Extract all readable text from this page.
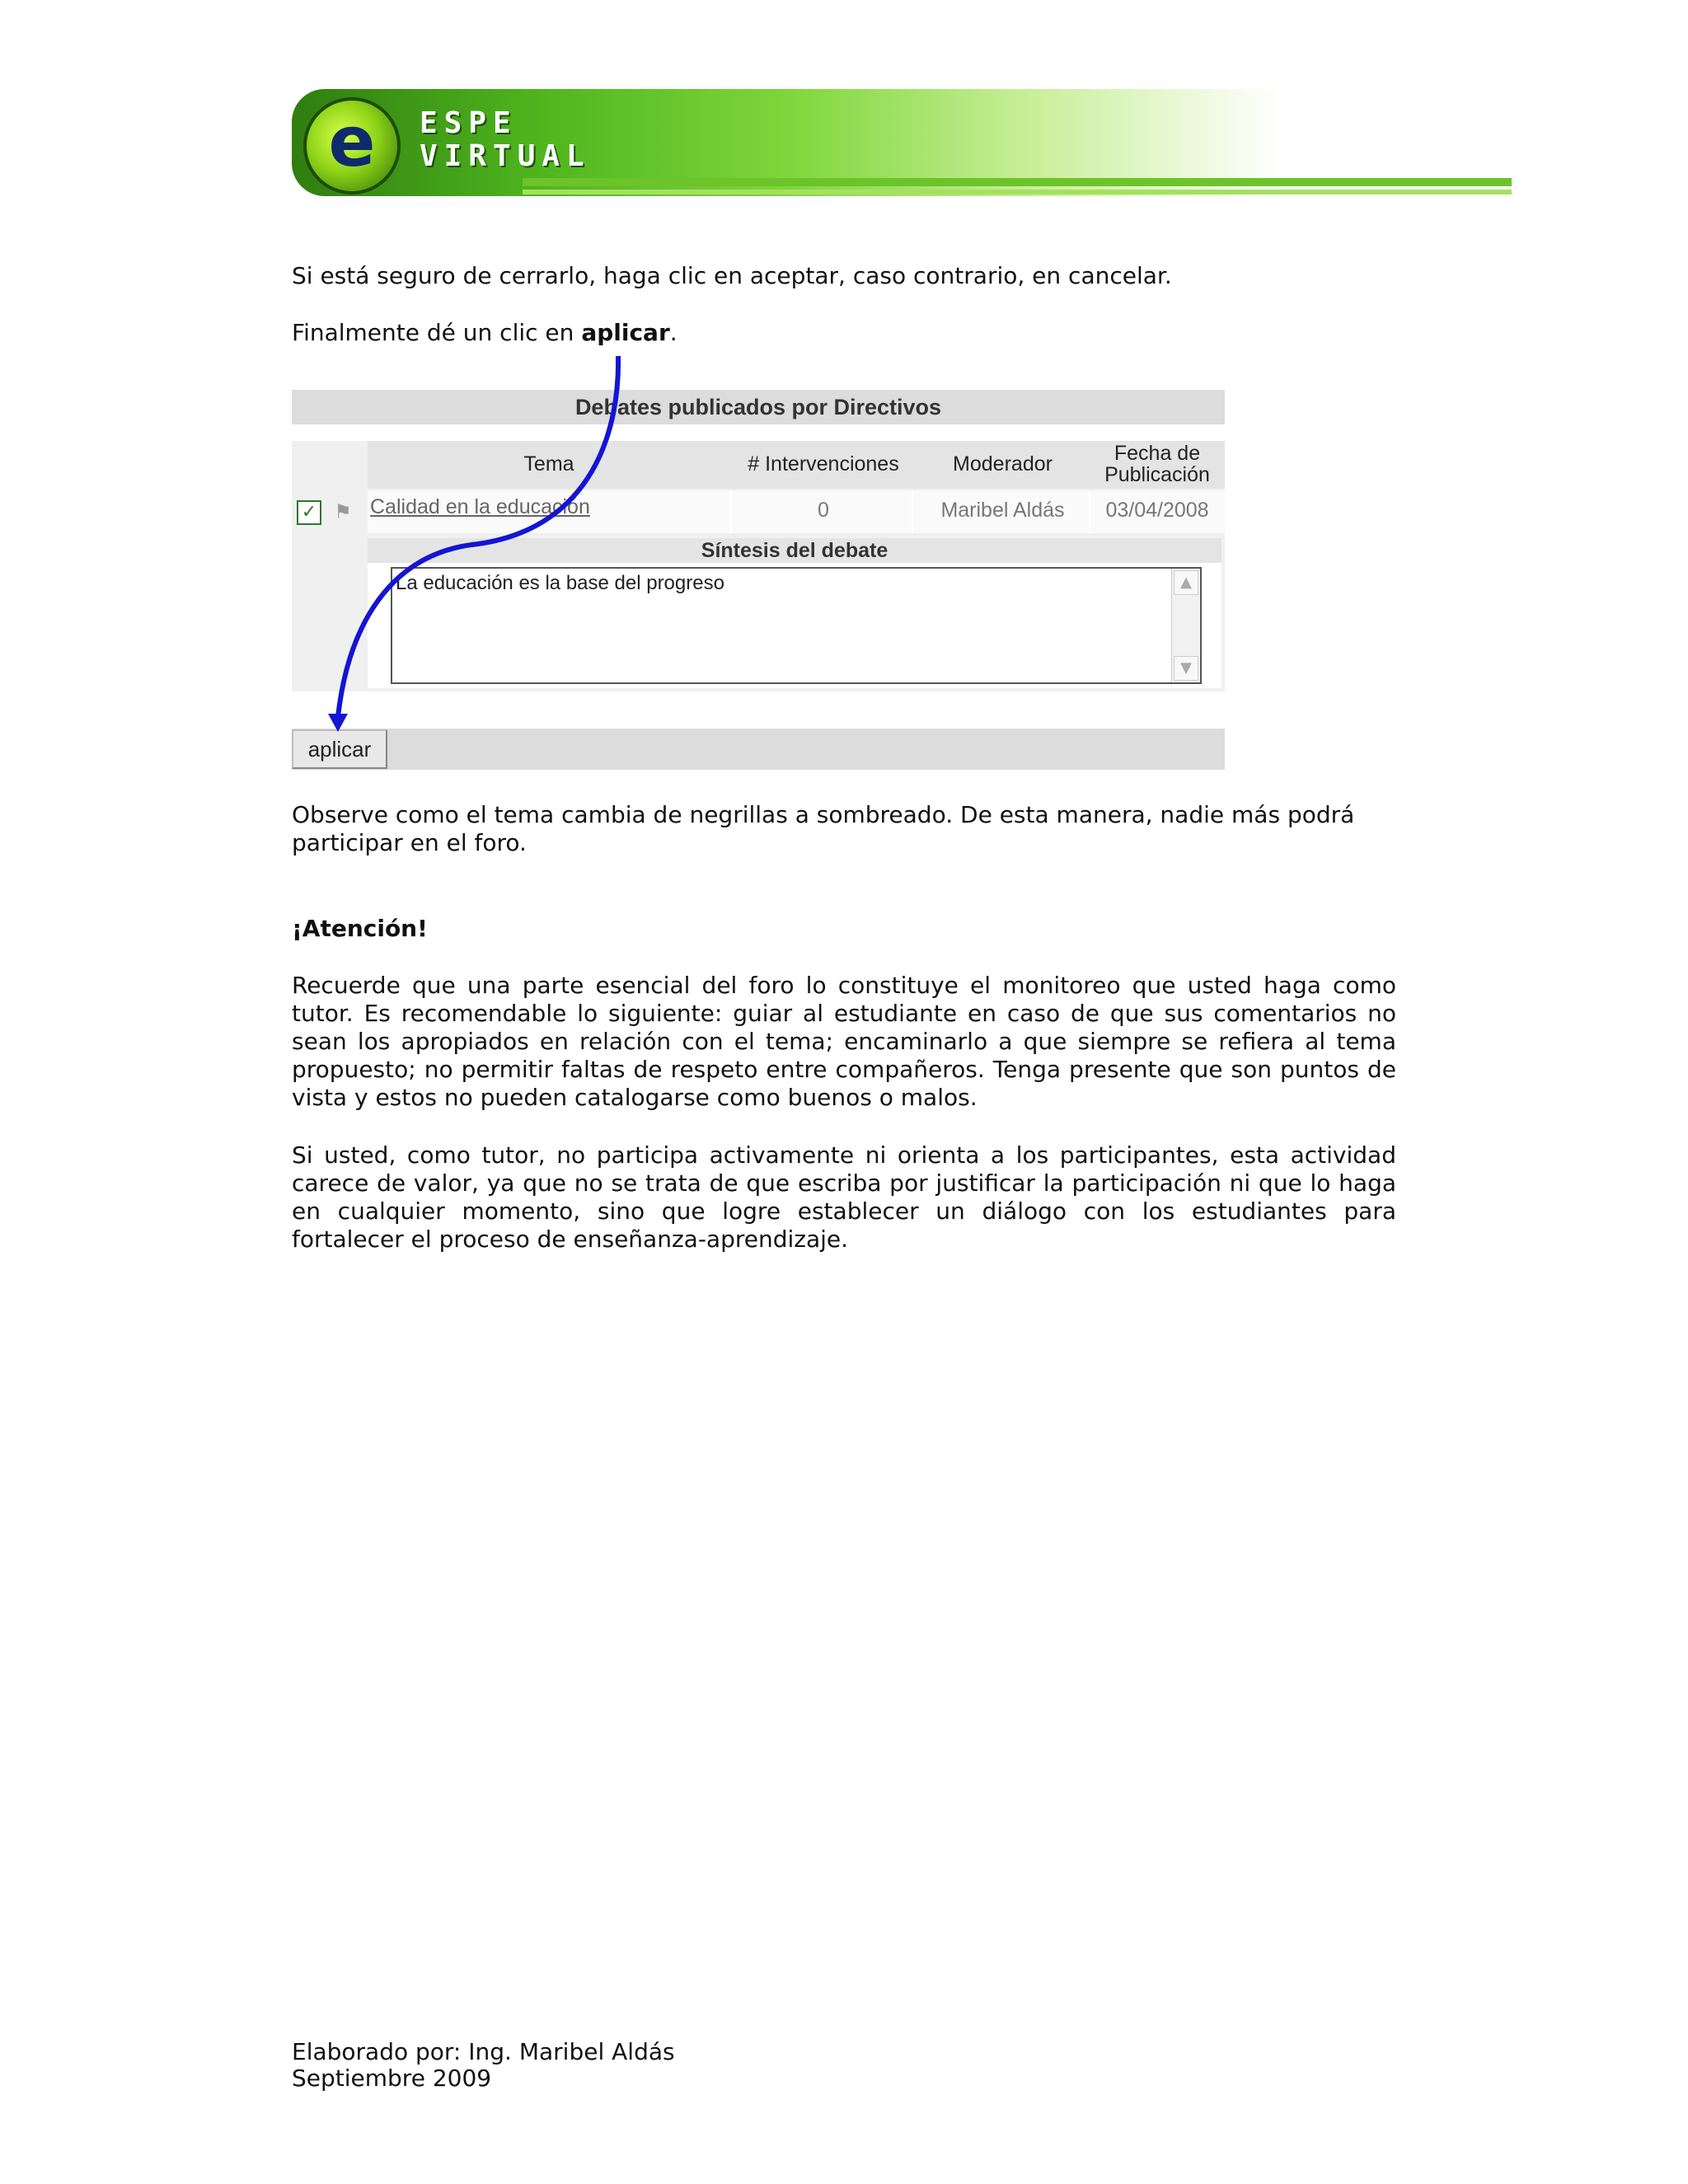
e	ESPE
VIRTUAL
Si está seguro de cerrarlo, haga clic en aceptar, caso contrario, en cancelar.
Finalmente dé un clic en aplicar.
Debates publicados por Directivos
Tema	# Intervenciones	Moderador	Fecha de Publicación
✓ ⚑ Calidad en la educación	0	Maribel Aldás	03/04/2008
Síntesis del debate
La educación es la base del progreso	▲
▼
aplicar
Observe como el tema cambia de negrillas a sombreado. De esta manera, nadie más podrá participar en el foro.
¡Atención!
Recuerde que una parte esencial del foro lo constituye el monitoreo que usted haga como tutor. Es recomendable lo siguiente: guiar al estudiante en caso de que sus comentarios no sean los apropiados en relación con el tema; encaminarlo a que siempre se refiera al tema propuesto; no permitir faltas de respeto entre compañeros. Tenga presente que son puntos de vista y estos no pueden catalogarse como buenos o malos.
Si usted, como tutor, no participa activamente ni orienta a los participantes, esta actividad carece de valor, ya que no se trata de que escriba por justificar la participación ni que lo haga en cualquier momento, sino que logre establecer un diálogo con los estudiantes para fortalecer el proceso de enseñanza-aprendizaje.
Elaborado por: Ing. Maribel Aldás
Septiembre 2009
